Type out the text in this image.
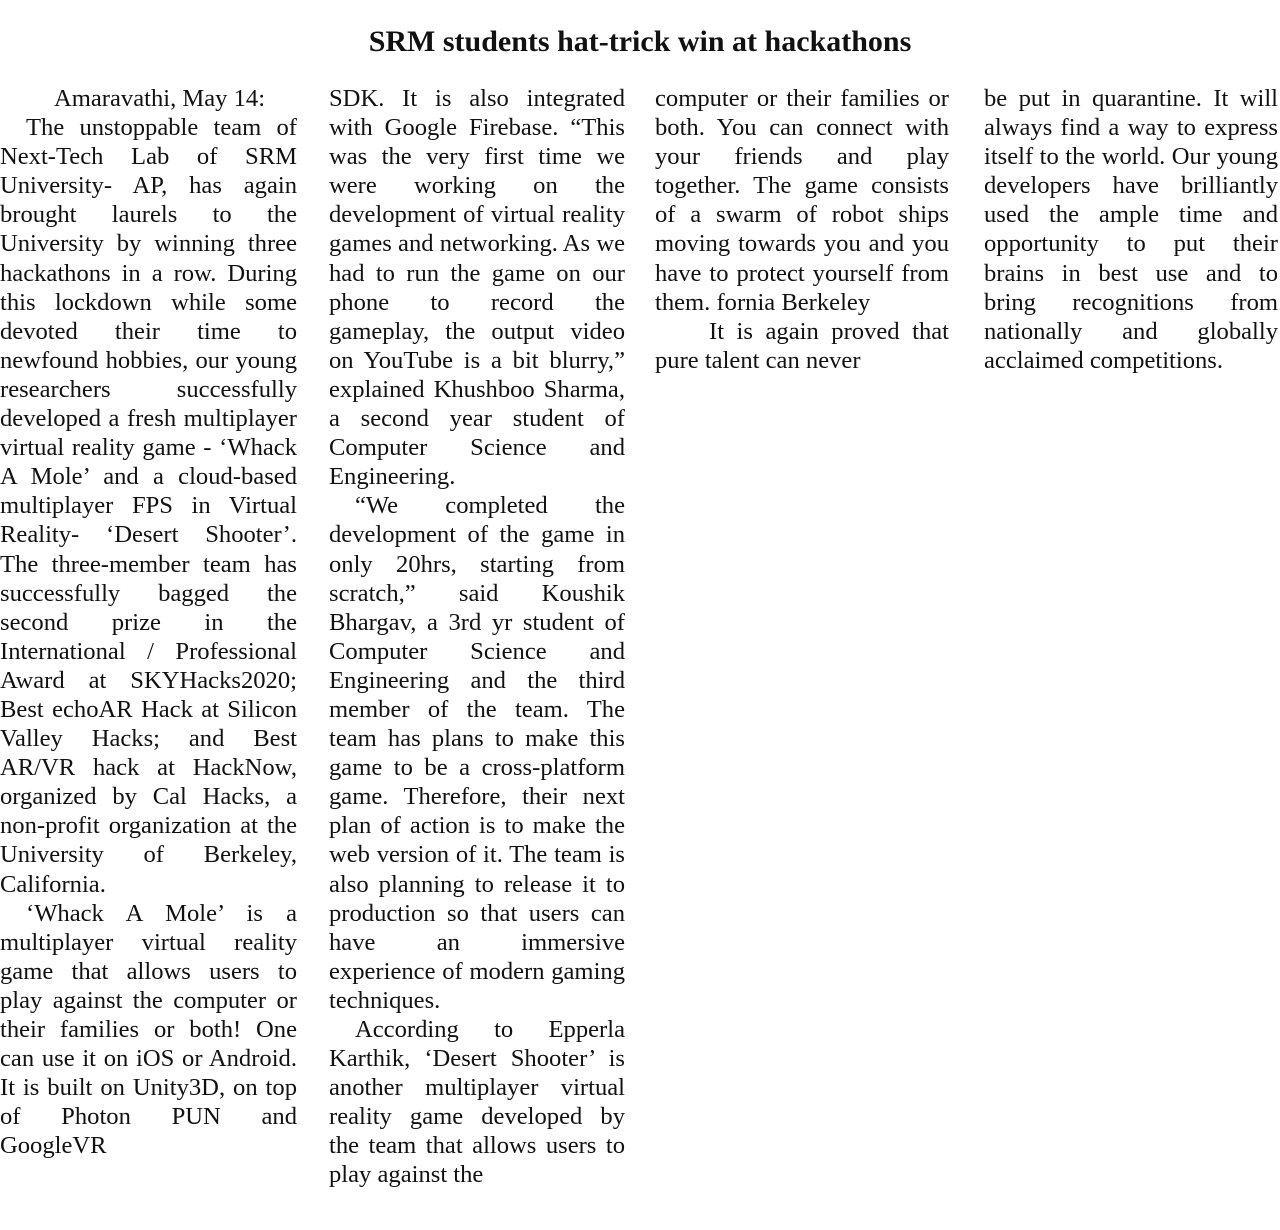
SRM students hat-trick win at hackathons

Amaravathi, May 14:

The unstoppable team of Next-Tech Lab of SRM University- AP, has again brought laurels to the University by winning three hackathons in a row. During this lockdown while some devoted their time to newfound hobbies, our young researchers successfully developed a fresh multiplayer virtual reality game - ‘Whack A Mole’ and a cloud-based multiplayer FPS in Virtual Reality- ‘Desert Shooter’. The three-member team has successfully bagged the second prize in the International / Professional Award at SKYHacks2020; Best echoAR Hack at Silicon Valley Hacks; and Best AR/VR hack at HackNow, organized by Cal Hacks, a non-profit organization at the University of Berkeley, California.

‘Whack A Mole’ is a multiplayer virtual reality game that allows users to play against the computer or their families or both! One can use it on iOS or Android. It is built on Unity3D, on top of Photon PUN and GoogleVR

SDK. It is also integrated with Google Firebase. “This was the very first time we were working on the development of virtual reality games and networking. As we had to run the game on our phone to record the gameplay, the output video on YouTube is a bit blurry,” explained Khushboo Sharma, a second year student of Computer Science and Engineering.

“We completed the development of the game in only 20hrs, starting from scratch,” said Koushik Bhargav, a 3rd yr student of Computer Science and Engineering and the third member of the team. The team has plans to make this game to be a cross-platform game. Therefore, their next plan of action is to make the web version of it. The team is also planning to release it to production so that users can have an immersive experience of modern gaming techniques.

According to Epperla Karthik, ‘Desert Shooter’ is another multiplayer virtual reality game developed by the team that allows users to play against the

computer or their families or both. You can connect with your friends and play together. The game consists of a swarm of robot ships moving towards you and you have to protect yourself from them. fornia Berkeley

It is again proved that pure talent can never

be put in quarantine. It will always find a way to express itself to the world. Our young developers have brilliantly used the ample time and opportunity to put their brains in best use and to bring recognitions from nationally and globally acclaimed competitions.
